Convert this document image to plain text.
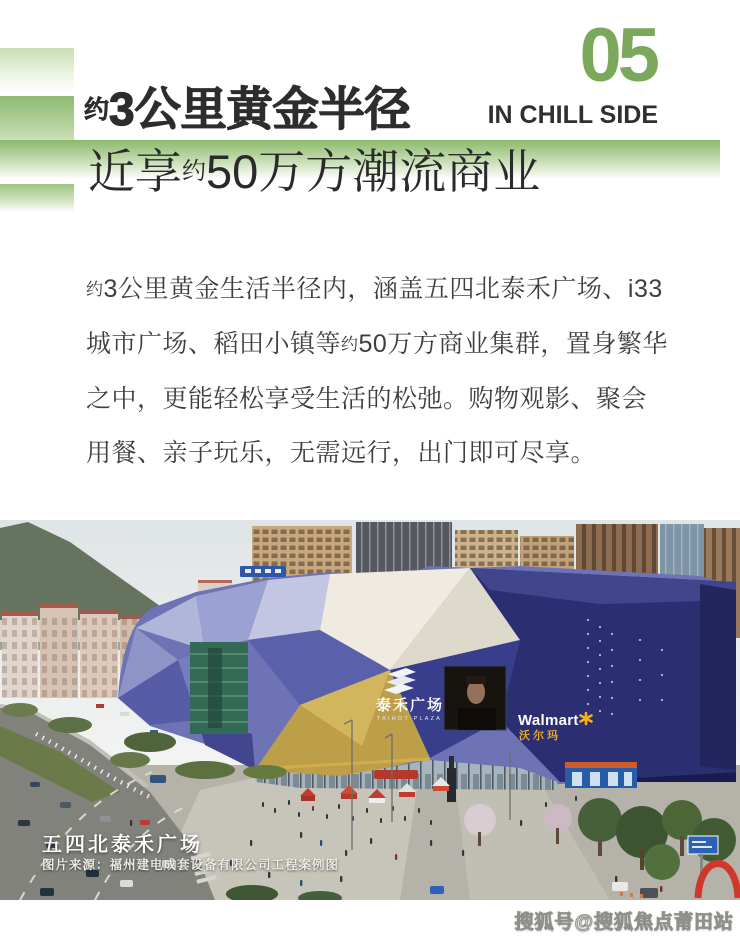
05
IN CHILL SIDE
约3公里黄金半径
近享约50万方潮流商业

约3公里黄金生活半径内，涵盖五四北泰禾广场、i33

城市广场、稻田小镇等约50万方商业集群，置身繁华

之中，更能轻松享受生活的松弛。购物观影、聚会

用餐、亲子玩乐，无需远行，出门即可尽享。

泰禾广场
TAIHOT PLAZA	Walmart
沃尔玛
五四北泰禾广场
图片来源：福州建电成套设备有限公司工程案例图
搜狐号@搜狐焦点莆田站
